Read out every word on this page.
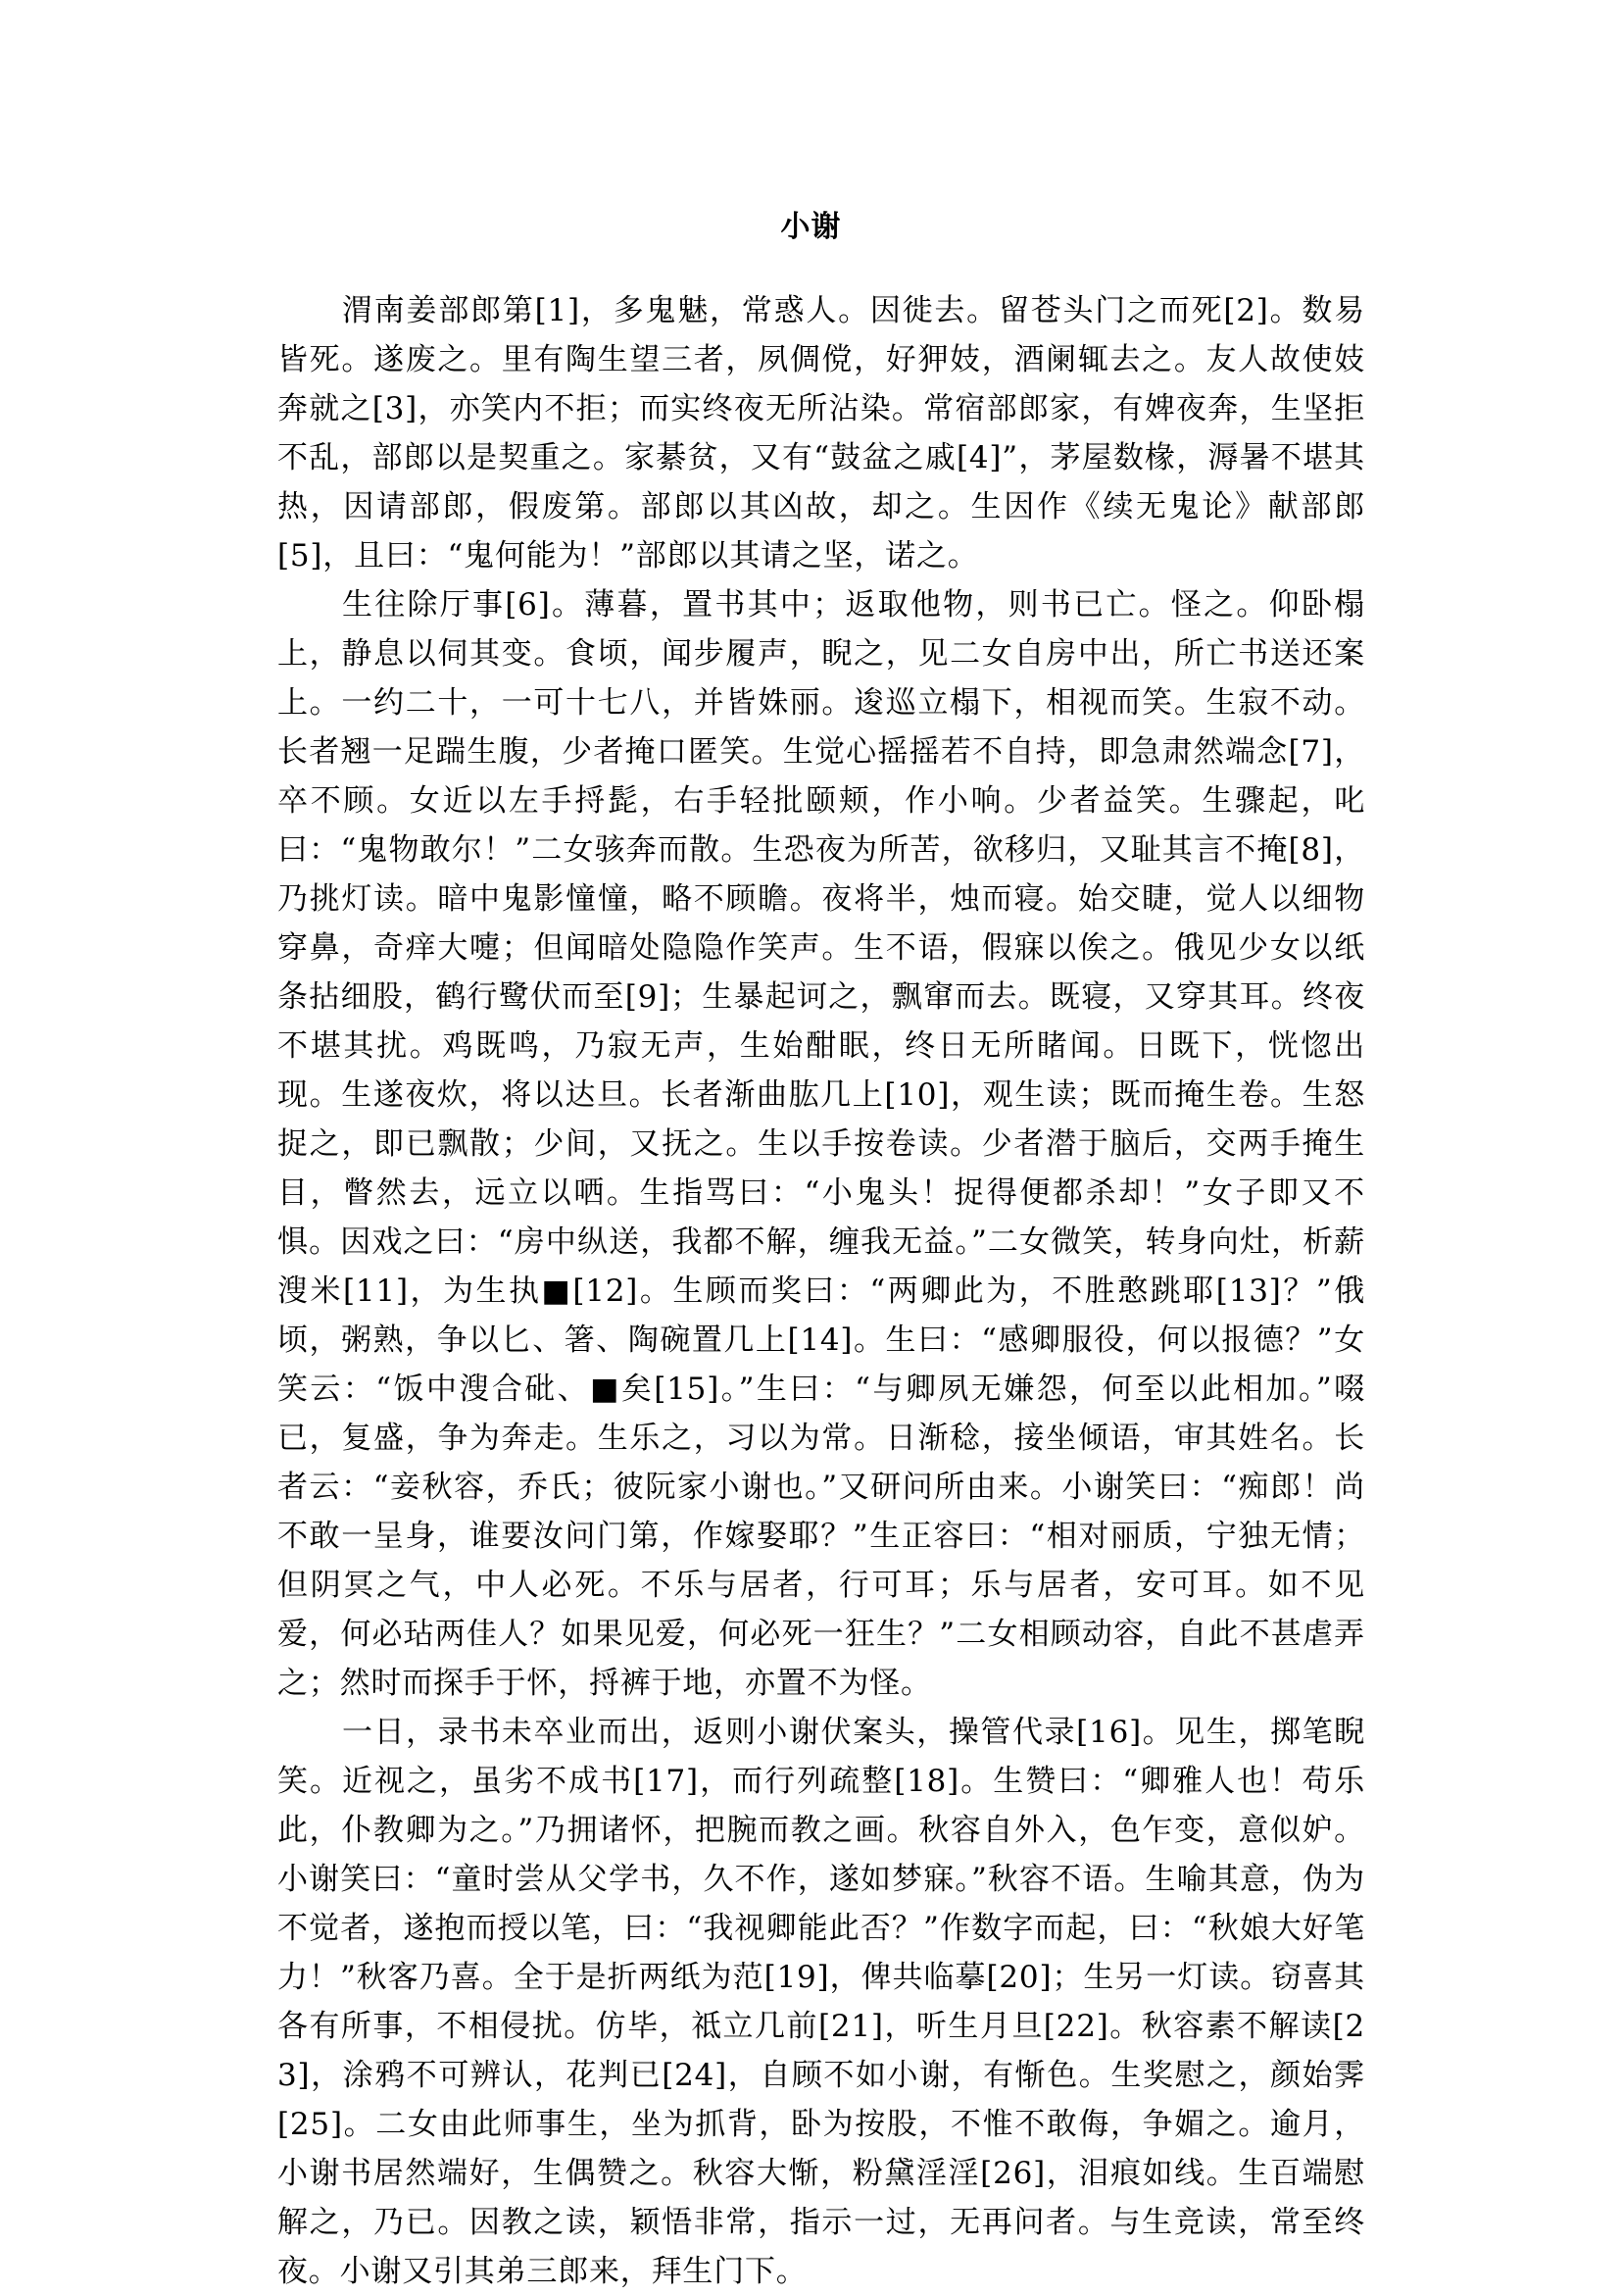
小谢

渭南姜部郎第[1]，多鬼魅，常惑人。因徙去。留苍头门之而死[2]。数易皆死。遂废之。里有陶生望三者，夙倜傥，好狎妓，酒阑辄去之。友人故使妓奔就之[3]，亦笑内不拒；而实终夜无所沾染。常宿部郎家，有婢夜奔，生坚拒不乱，部郎以是契重之。家綦贫，又有“鼓盆之戚[4]”，茅屋数椽，溽暑不堪其热，因请部郎，假废第。部郎以其凶故，却之。生因作《续无鬼论》献部郎[5]，且曰：“鬼何能为！”部郎以其请之坚，诺之。

生往除厅事[6]。薄暮，置书其中；返取他物，则书已亡。怪之。仰卧榻上，静息以伺其变。食顷，闻步履声，睨之，见二女自房中出，所亡书送还案上。一约二十，一可十七八，并皆姝丽。逡巡立榻下，相视而笑。生寂不动。长者翘一足踹生腹，少者掩口匿笑。生觉心摇摇若不自持，即急肃然端念[7]，卒不顾。女近以左手捋髭，右手轻批颐颊，作小响。少者益笑。生骤起，叱曰：“鬼物敢尔！”二女骇奔而散。生恐夜为所苦，欲移归，又耻其言不掩[8]，乃挑灯读。暗中鬼影憧憧，略不顾瞻。夜将半，烛而寝。始交睫，觉人以细物穿鼻，奇痒大嚏；但闻暗处隐隐作笑声。生不语，假寐以俟之。俄见少女以纸条拈细股，鹤行鹭伏而至[9]；生暴起诃之，飘窜而去。既寝，又穿其耳。终夜不堪其扰。鸡既鸣，乃寂无声，生始酣眠，终日无所睹闻。日既下，恍惚出现。生遂夜炊，将以达旦。长者渐曲肱几上[10]，观生读；既而掩生卷。生怒捉之，即已飘散；少间，又抚之。生以手按卷读。少者潜于脑后，交两手掩生目，瞥然去，远立以哂。生指骂曰：“小鬼头！捉得便都杀却！”女子即又不惧。因戏之曰：“房中纵送，我都不解，缠我无益。”二女微笑，转身向灶，析薪溲米[11]，为生执■[12]。生顾而奖曰：“两卿此为，不胜憨跳耶[13]？”俄顷，粥熟，争以匕、箸、陶碗置几上[14]。生曰：“感卿服役，何以报德？”女笑云：“饭中溲合砒、■矣[15]。”生曰：“与卿夙无嫌怨，何至以此相加。”啜已，复盛，争为奔走。生乐之，习以为常。日渐稔，接坐倾语，审其姓名。长者云：“妾秋容，乔氏；彼阮家小谢也。”又研问所由来。小谢笑曰：“痴郎！尚不敢一呈身，谁要汝问门第，作嫁娶耶？”生正容曰：“相对丽质，宁独无情；但阴冥之气，中人必死。不乐与居者，行可耳；乐与居者，安可耳。如不见爱，何必玷两佳人？如果见爱，何必死一狂生？”二女相顾动容，自此不甚虐弄之；然时而探手于怀，捋裤于地，亦置不为怪。

一日，录书未卒业而出，返则小谢伏案头，操管代录[16]。见生，掷笔睨笑。近视之，虽劣不成书[17]，而行列疏整[18]。生赞曰：“卿雅人也！苟乐此，仆教卿为之。”乃拥诸怀，把腕而教之画。秋容自外入，色乍变，意似妒。小谢笑曰：“童时尝从父学书，久不作，遂如梦寐。”秋容不语。生喻其意，伪为不觉者，遂抱而授以笔，曰：“我视卿能此否？”作数字而起，曰：“秋娘大好笔力！”秋客乃喜。全于是折两纸为范[19]，俾共临摹[20]；生另一灯读。窃喜其各有所事，不相侵扰。仿毕，祗立几前[21]，听生月旦[22]。秋容素不解读[23]，涂鸦不可辨认，花判已[24]，自顾不如小谢，有惭色。生奖慰之，颜始霁[25]。二女由此师事生，坐为抓背，卧为按股，不惟不敢侮，争媚之。逾月，小谢书居然端好，生偶赞之。秋容大惭，粉黛淫淫[26]，泪痕如线。生百端慰解之，乃已。因教之读，颖悟非常，指示一过，无再问者。与生竞读，常至终夜。小谢又引其弟三郎来，拜生门下。
